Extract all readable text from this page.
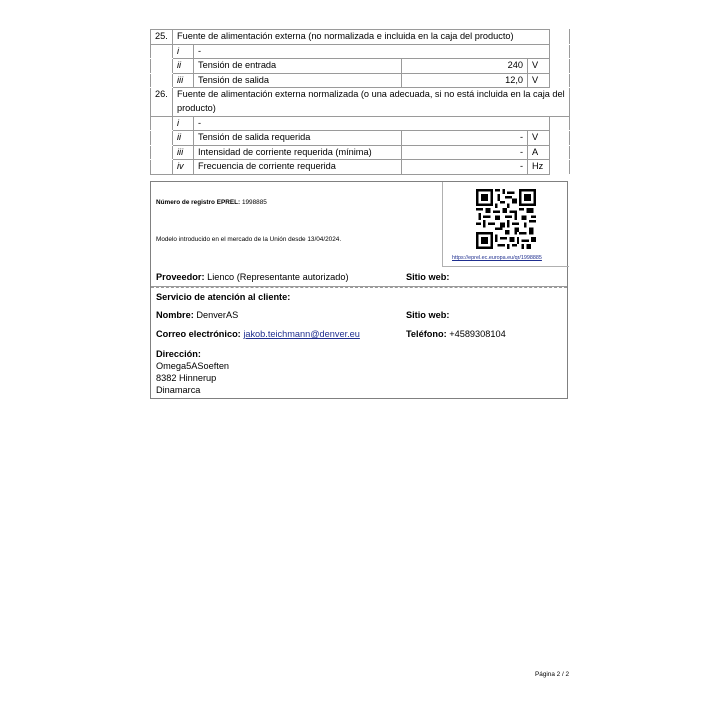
25.	Fuente de alimentación externa (no normalizada e incluida en la caja del producto)				
	i	-			
	ii	Tensión de entrada	240	V	
	iii	Tensión de salida	12,0	V	
26.	Fuente de alimentación externa normalizada (o una adecuada, si no está incluida en la caja del producto)				
	i	-			
	ii	Tensión de salida requerida	-	V	
	iii	Intensidad de corriente requerida (mínima)	-	A	
	iv	Frecuencia de corriente requerida	-	Hz	
Número de registro EPREL: 1998885
Modelo introducido en el mercado de la Unión desde 13/04/2024.
https://eprel.ec.europa.eu/qr/1998885
Proveedor: Lienco (Representante autorizado)	Sitio web:
Servicio de atención al cliente:
Nombre: DenverAS	Sitio web:
Correo electrónico: jakob.teichmann@denver.eu	Teléfono: +4589308104
Dirección:
Omega5ASoeften
8382 Hinnerup
Dinamarca
Página 2 / 2
